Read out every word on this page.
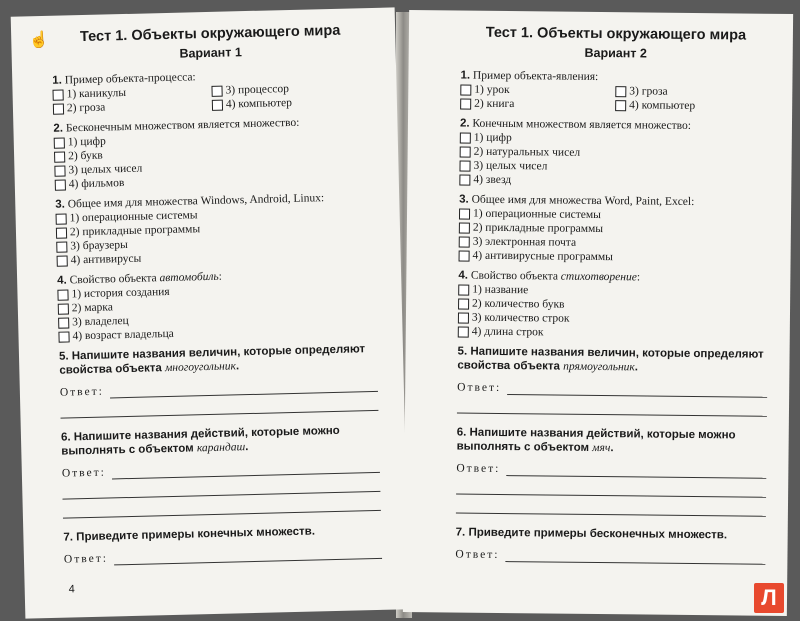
☝	Тест 1. Объекты окружающего мира
Вариант 1
1. Пример объекта-процесса:
1) каникулы	3) процессор
2) гроза	4) компьютер
2. Бесконечным множеством является множество:
1) цифр
2) букв
3) целых чисел
4) фильмов
3. Общее имя для множества Windows, Android, Linux:
1) операционные системы
2) прикладные программы
3) браузеры
4) антивирусы
4. Свойство объекта автомобиль:
1) история создания
2) марка
3) владелец
4) возраст владельца
5. Напишите названия величин, которые определяют свойства объекта многоугольник.
Ответ:
6. Напишите названия действий, которые можно выполнять с объектом карандаш.
Ответ:
7. Приведите примеры конечных множеств.
Ответ:
4
Тест 1. Объекты окружающего мира
Вариант 2
1. Пример объекта-явления:
1) урок	3) гроза
2) книга	4) компьютер
2. Конечным множеством является множество:
1) цифр
2) натуральных чисел
3) целых чисел
4) звезд
3. Общее имя для множества Word, Paint, Excel:
1) операционные системы
2) прикладные программы
3) электронная почта
4) антивирусные программы
4. Свойство объекта стихотворение:
1) название
2) количество букв
3) количество строк
4) длина строк
5. Напишите названия величин, которые определяют свойства объекта прямоугольник.
Ответ:
6. Напишите названия действий, которые можно выполнять с объектом мяч.
Ответ:
7. Приведите примеры бесконечных множеств.
Ответ:
Л
